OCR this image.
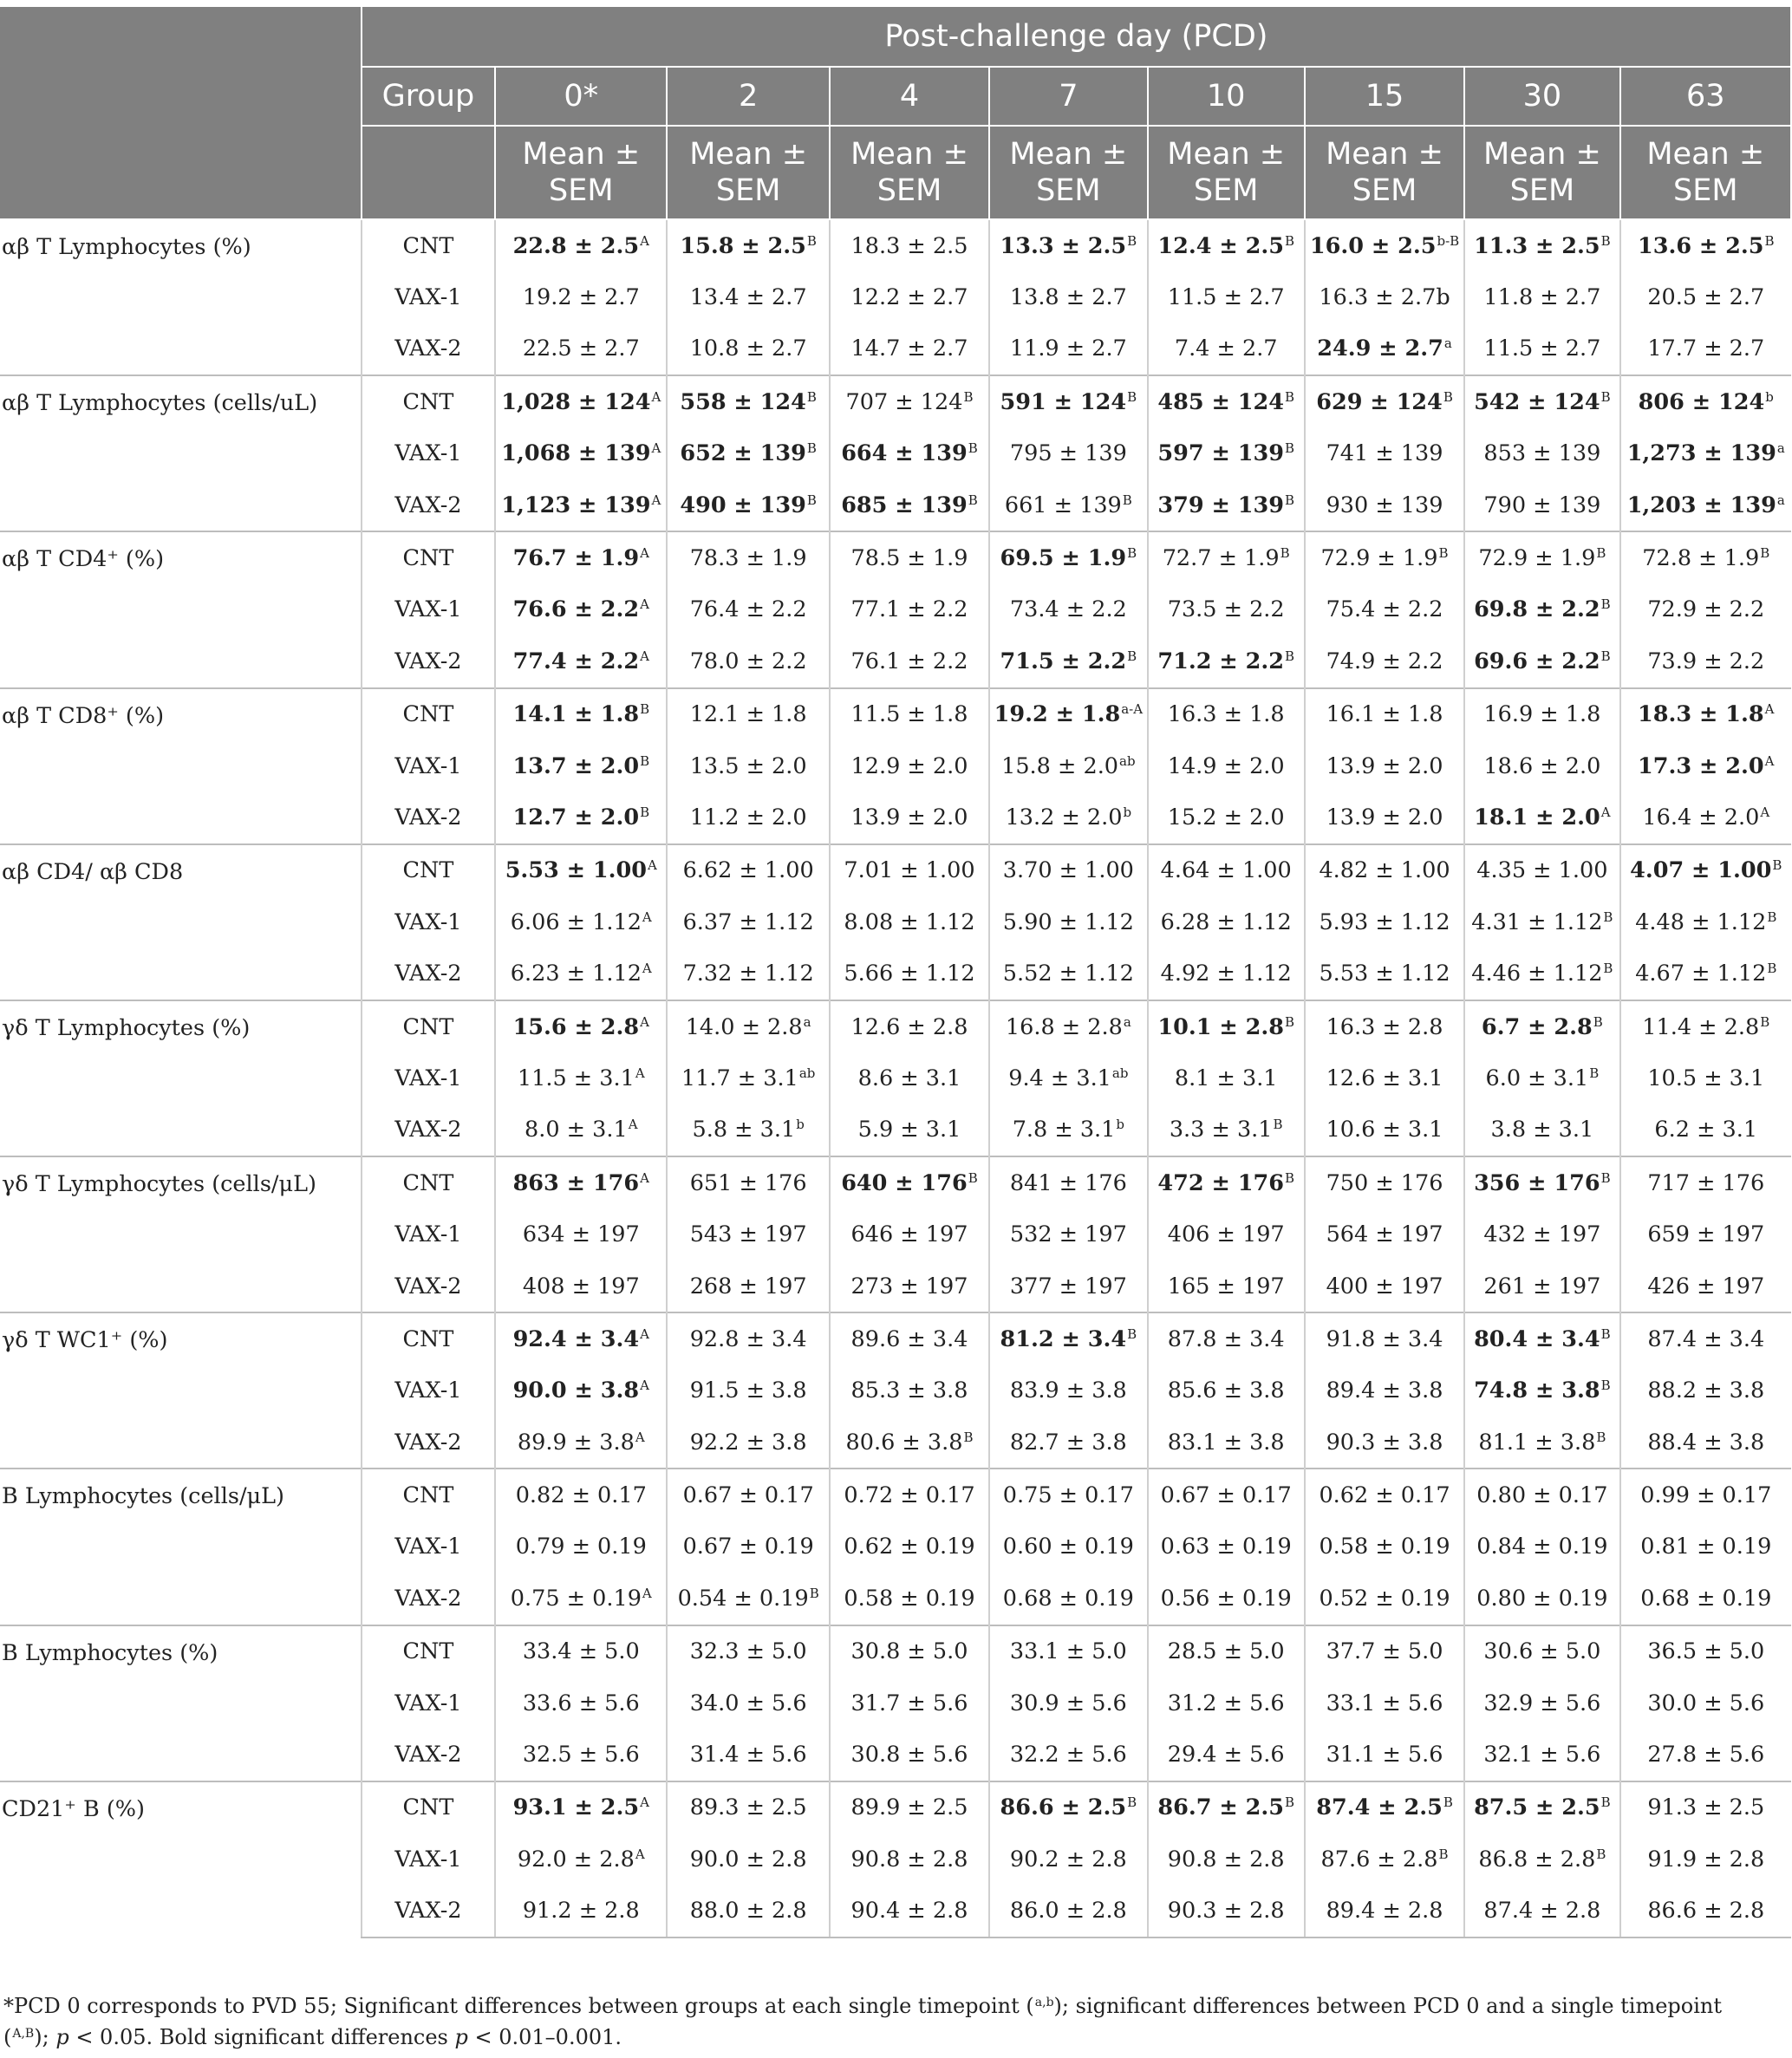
	Post-challenge day (PCD)								
	Group	0*	2	4	7	10	15	30	63
		Mean ± SEM	Mean ± SEM	Mean ± SEM	Mean ± SEM	Mean ± SEM	Mean ± SEM	Mean ± SEM	Mean ± SEM
αβ T Lymphocytes (%)	CNT	$22.8 \pm 2.5^A$	$15.8 \pm 2.5^B$	18.3 ± 2.5	$13.3 \pm 2.5^B$	$12.4 \pm 2.5^B$	$16.0 \pm 2.5^{b-B}$	$11.3 \pm 2.5^B$	$13.6 \pm 2.5^B$
	VAX-1	19.2 ± 2.7	13.4 ± 2.7	12.2 ± 2.7	13.8 ± 2.7	11.5 ± 2.7	16.3 ± 2.7b	11.8 ± 2.7	20.5 ± 2.7
	VAX-2	22.5 ± 2.7	10.8 ± 2.7	14.7 ± 2.7	11.9 ± 2.7	7.4 ± 2.7	24.9 ± 2.7$^a$	11.5 ± 2.7	17.7 ± 2.7
αβ T Lymphocytes (cells/uL)	CNT	$1,028 \pm 124^A$	$558 \pm 124^B$	$707 \pm 124^B$	$591 \pm 124^B$	$485 \pm 124^B$	$629 \pm 124^B$	$542 \pm 124^B$	$806 \pm 124^b$
	VAX-1	$1,068 \pm 139^A$	$652 \pm 139^B$	$664 \pm 139^B$	795 ± 139	$597 \pm 139^B$	741 ± 139	853 ± 139	$1,273 \pm 139^a$
	VAX-2	$1,123 \pm 139^A$	$490 \pm 139^B$	$685 \pm 139^B$	$661 \pm 139^B$	$379 \pm 139^B$	930 ± 139	790 ± 139	$1,203 \pm 139^a$
αβ T CD4⁺ (%)	CNT	$76.7 \pm 1.9^A$	78.3 ± 1.9	78.5 ± 1.9	$69.5 \pm 1.9^B$	$72.7 \pm 1.9^B$	$72.9 \pm 1.9^B$	$72.9 \pm 1.9^B$	$72.8 \pm 1.9^B$
	VAX-1	$76.6 \pm 2.2^A$	76.4 ± 2.2	77.1 ± 2.2	73.4 ± 2.2	73.5 ± 2.2	75.4 ± 2.2	$69.8 \pm 2.2^B$	72.9 ± 2.2
	VAX-2	$77.4 \pm 2.2^A$	78.0 ± 2.2	76.1 ± 2.2	$71.5 \pm 2.2^B$	$71.2 \pm 2.2^B$	74.9 ± 2.2	$69.6 \pm 2.2^B$	73.9 ± 2.2
αβ T CD8⁺ (%)	CNT	$14.1 \pm 1.8^B$	12.1 ± 1.8	11.5 ± 1.8	$19.2 \pm 1.8^{a-A}$	16.3 ± 1.8	16.1 ± 1.8	16.9 ± 1.8	$18.3 \pm 1.8^A$
	VAX-1	$13.7 \pm 2.0^B$	13.5 ± 2.0	12.9 ± 2.0	15.8 ± 2.0$^{ab}$	14.9 ± 2.0	13.9 ± 2.0	18.6 ± 2.0	$17.3 \pm 2.0^A$
	VAX-2	$12.7 \pm 2.0^B$	11.2 ± 2.0	13.9 ± 2.0	13.2 ± 2.0$^b$	15.2 ± 2.0	13.9 ± 2.0	$18.1 \pm 2.0^A$	$16.4 \pm 2.0^A$
αβ CD4/ αβ CD8	CNT	$5.53 \pm 1.00^A$	6.62 ± 1.00	7.01 ± 1.00	3.70 ± 1.00	4.64 ± 1.00	4.82 ± 1.00	4.35 ± 1.00	$4.07 \pm 1.00^B$
	VAX-1	$6.06 \pm 1.12^A$	6.37 ± 1.12	8.08 ± 1.12	5.90 ± 1.12	6.28 ± 1.12	5.93 ± 1.12	$4.31 \pm 1.12^B$	$4.48 \pm 1.12^B$
	VAX-2	$6.23 \pm 1.12^A$	7.32 ± 1.12	5.66 ± 1.12	5.52 ± 1.12	4.92 ± 1.12	5.53 ± 1.12	$4.46 \pm 1.12^B$	$4.67 \pm 1.12^B$
γδ T Lymphocytes (%)	CNT	$15.6 \pm 2.8^A$	14.0 ± 2.8$^a$	12.6 ± 2.8	16.8 ± 2.8$^a$	$10.1 \pm 2.8^B$	16.3 ± 2.8	$6.7 \pm 2.8^B$	$11.4 \pm 2.8^B$
	VAX-1	$11.5 \pm 3.1^A$	11.7 ± 3.1$^{ab}$	8.6 ± 3.1	9.4 ± 3.1$^{ab}$	8.1 ± 3.1	12.6 ± 3.1	$6.0 \pm 3.1^B$	10.5 ± 3.1
	VAX-2	$8.0 \pm 3.1^A$	5.8 ± 3.1$^b$	5.9 ± 3.1	7.8 ± 3.1$^b$	$3.3 \pm 3.1^B$	10.6 ± 3.1	3.8 ± 3.1	6.2 ± 3.1
γδ T Lymphocytes (cells/μL)	CNT	$863 \pm 176^A$	651 ± 176	$640 \pm 176^B$	841 ± 176	$472 \pm 176^B$	750 ± 176	$356 \pm 176^B$	717 ± 176
	VAX-1	634 ± 197	543 ± 197	646 ± 197	532 ± 197	406 ± 197	564 ± 197	432 ± 197	659 ± 197
	VAX-2	408 ± 197	268 ± 197	273 ± 197	377 ± 197	165 ± 197	400 ± 197	261 ± 197	426 ± 197
γδ T WC1⁺ (%)	CNT	$92.4 \pm 3.4^A$	92.8 ± 3.4	89.6 ± 3.4	$81.2 \pm 3.4^B$	87.8 ± 3.4	91.8 ± 3.4	$80.4 \pm 3.4^B$	87.4 ± 3.4
	VAX-1	$90.0 \pm 3.8^A$	91.5 ± 3.8	85.3 ± 3.8	83.9 ± 3.8	85.6 ± 3.8	89.4 ± 3.8	$74.8 \pm 3.8^B$	88.2 ± 3.8
	VAX-2	$89.9 \pm 3.8^A$	92.2 ± 3.8	$80.6 \pm 3.8^B$	82.7 ± 3.8	83.1 ± 3.8	90.3 ± 3.8	$81.1 \pm 3.8^B$	88.4 ± 3.8
B Lymphocytes (cells/μL)	CNT	0.82 ± 0.17	0.67 ± 0.17	0.72 ± 0.17	0.75 ± 0.17	0.67 ± 0.17	0.62 ± 0.17	0.80 ± 0.17	0.99 ± 0.17
	VAX-1	0.79 ± 0.19	0.67 ± 0.19	0.62 ± 0.19	0.60 ± 0.19	0.63 ± 0.19	0.58 ± 0.19	0.84 ± 0.19	0.81 ± 0.19
	VAX-2	$0.75 \pm 0.19^A$	$0.54 \pm 0.19^B$	0.58 ± 0.19	0.68 ± 0.19	0.56 ± 0.19	0.52 ± 0.19	0.80 ± 0.19	0.68 ± 0.19
B Lymphocytes (%)	CNT	33.4 ± 5.0	32.3 ± 5.0	30.8 ± 5.0	33.1 ± 5.0	28.5 ± 5.0	37.7 ± 5.0	30.6 ± 5.0	36.5 ± 5.0
	VAX-1	33.6 ± 5.6	34.0 ± 5.6	31.7 ± 5.6	30.9 ± 5.6	31.2 ± 5.6	33.1 ± 5.6	32.9 ± 5.6	30.0 ± 5.6
	VAX-2	32.5 ± 5.6	31.4 ± 5.6	30.8 ± 5.6	32.2 ± 5.6	29.4 ± 5.6	31.1 ± 5.6	32.1 ± 5.6	27.8 ± 5.6
CD21⁺ B (%)	CNT	$93.1 \pm 2.5^A$	89.3 ± 2.5	89.9 ± 2.5	$86.6 \pm 2.5^B$	$86.7 \pm 2.5^B$	$87.4 \pm 2.5^B$	$87.5 \pm 2.5^B$	91.3 ± 2.5
	VAX-1	$92.0 \pm 2.8^A$	90.0 ± 2.8	90.8 ± 2.8	90.2 ± 2.8	90.8 ± 2.8	$87.6 \pm 2.8^B$	$86.8 \pm 2.8^B$	91.9 ± 2.8
	VAX-2	91.2 ± 2.8	88.0 ± 2.8	90.4 ± 2.8	86.0 ± 2.8	90.3 ± 2.8	89.4 ± 2.8	87.4 ± 2.8	86.6 ± 2.8
*PCD 0 corresponds to PVD 55; Significant differences between groups at each single timepoint ($^{a,b}$); significant differences between PCD 0 and a single timepoint ($^{A,B}$); p < 0.05. Bold significant differences p < 0.01–0.001.
